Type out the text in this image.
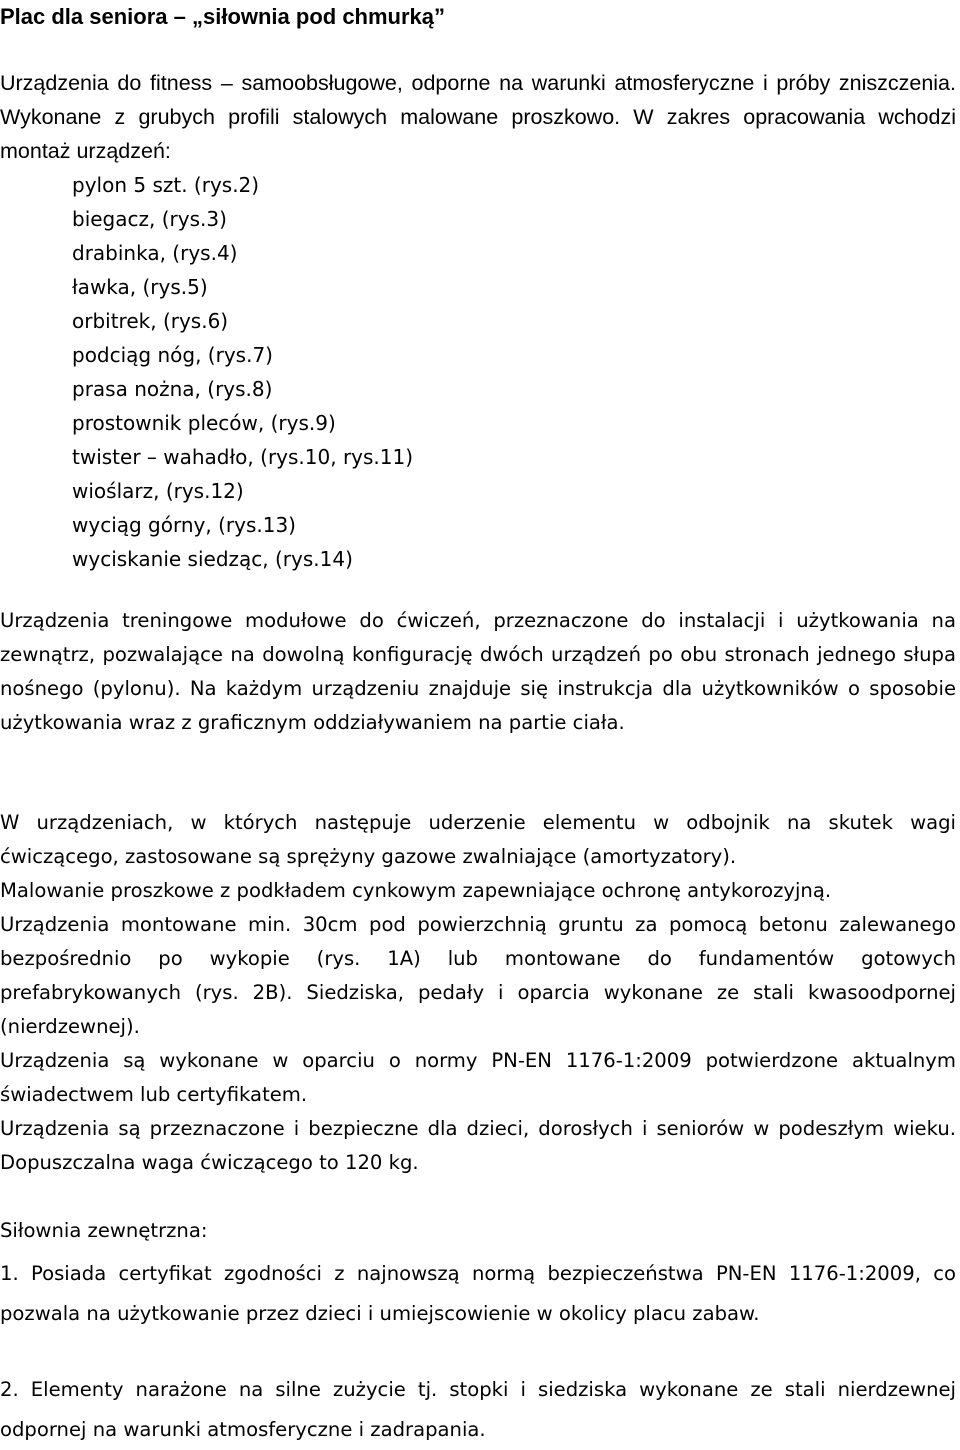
Plac dla seniora – „siłownia pod chmurką”

Urządzenia do fitness – samoobsługowe, odporne na warunki atmosferyczne i próby zniszczenia. Wykonane z grubych profili stalowych malowane proszkowo. W zakres opracowania wchodzi montaż urządzeń:

pylon 5 szt. (rys.2)
biegacz, (rys.3)
drabinka, (rys.4)
ławka, (rys.5)
orbitrek, (rys.6)
podciąg nóg, (rys.7)
prasa nożna, (rys.8)
prostownik pleców, (rys.9)
twister – wahadło, (rys.10, rys.11)
wioślarz, (rys.12)
wyciąg górny, (rys.13)
wyciskanie siedząc, (rys.14)

Urządzenia treningowe modułowe do ćwiczeń, przeznaczone do instalacji i użytkowania na zewnątrz, pozwalające na dowolną konfigurację dwóch urządzeń po obu stronach jednego słupa nośnego (pylonu). Na każdym urządzeniu znajduje się instrukcja dla użytkowników o sposobie użytkowania wraz z graficznym oddziaływaniem na partie ciała.

W urządzeniach, w których następuje uderzenie elementu w odbojnik na skutek wagi ćwiczącego, zastosowane są sprężyny gazowe zwalniające (amortyzatory).

Malowanie proszkowe z podkładem cynkowym zapewniające ochronę antykorozyjną.

Urządzenia montowane min. 30cm pod powierzchnią gruntu za pomocą betonu zalewanego bezpośrednio po wykopie (rys. 1A) lub montowane do fundamentów gotowych prefabrykowanych (rys. 2B). Siedziska, pedały i oparcia wykonane ze stali kwasoodpornej (nierdzewnej).

Urządzenia są wykonane w oparciu o normy PN-EN 1176-1:2009 potwierdzone aktualnym świadectwem lub certyfikatem.

Urządzenia są przeznaczone i bezpieczne dla dzieci, dorosłych i seniorów w podeszłym wieku. Dopuszczalna waga ćwiczącego to 120 kg.

Siłownia zewnętrzna:

1. Posiada certyfikat zgodności z najnowszą normą bezpieczeństwa PN-EN 1176-1:2009, co pozwala na użytkowanie przez dzieci i umiejscowienie w okolicy placu zabaw.

2. Elementy narażone na silne zużycie tj. stopki i siedziska wykonane ze stali nierdzewnej odpornej na warunki atmosferyczne i zadrapania.
